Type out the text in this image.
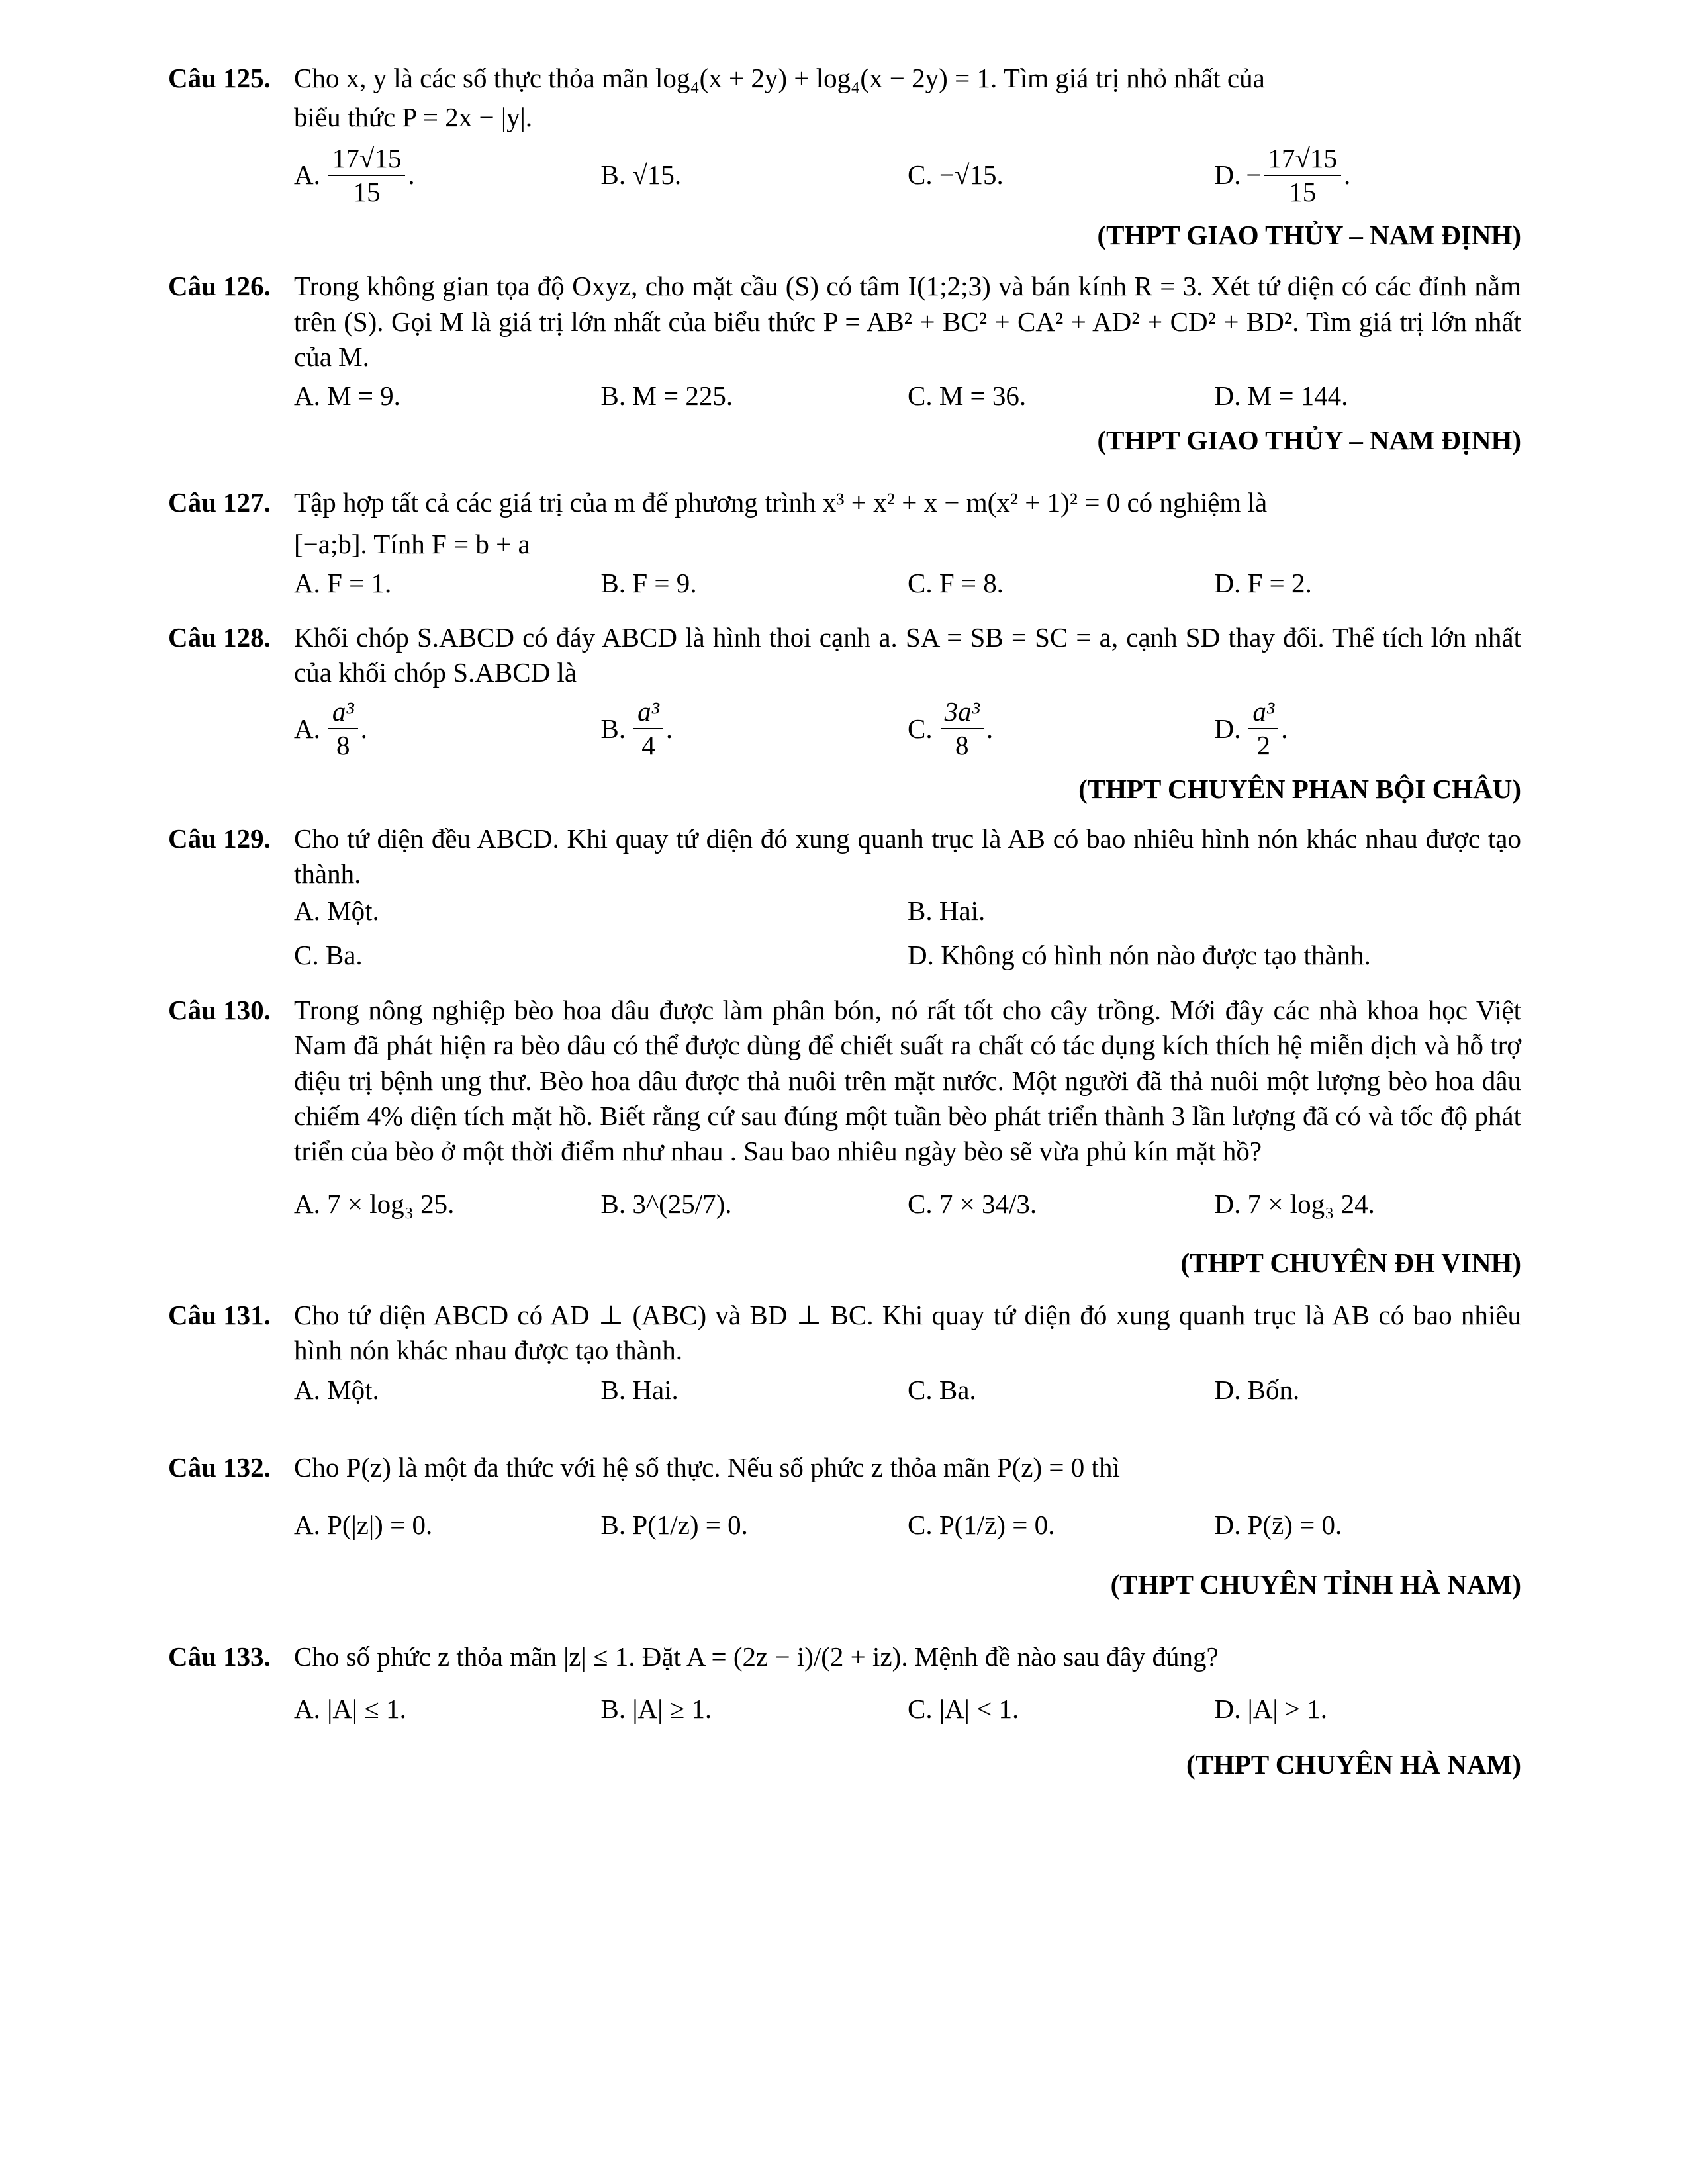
Câu 125. Cho x, y là các số thực thỏa mãn log₄(x + 2y) + log₄(x − 2y) = 1. Tìm giá trị nhỏ nhất của
biểu thức P = 2x − |y|.
A. $\frac{17√15}{15}$ .	B. √15.	C. −√15.	D. − $\frac{17√15}{15}$ .
(THPT GIAO THỦY – NAM ĐỊNH)
Câu 126. Trong không gian tọa độ Oxyz, cho mặt cầu (S) có tâm I(1;2;3) và bán kính R = 3. Xét tứ diện có các đỉnh nằm trên (S). Gọi M là giá trị lớn nhất của biểu thức P = AB² + BC² + CA² + AD² + CD² + BD². Tìm giá trị lớn nhất của M.
A. M = 9.	B. M = 225.	C. M = 36.	D. M = 144.
(THPT GIAO THỦY – NAM ĐỊNH)
Câu 127. Tập hợp tất cả các giá trị của m để phương trình x³ + x² + x − m(x² + 1)² = 0 có nghiệm là
[−a;b]. Tính F = b + a
A. F = 1.	B. F = 9.	C. F = 8.	D. F = 2.
Câu 128. Khối chóp S.ABCD có đáy ABCD là hình thoi cạnh a. SA = SB = SC = a, cạnh SD thay đổi. Thể tích lớn nhất của khối chóp S.ABCD là
A. $\frac{\text{a³}}{8}$ .	B. $\frac{\text{a³}}{4}$ .	C. $\frac{\text{3a³}}{8}$ .	D. $\frac{\text{a³}}{2}$ .
(THPT CHUYÊN PHAN BỘI CHÂU)
Câu 129. Cho tứ diện đều ABCD. Khi quay tứ diện đó xung quanh trục là AB có bao nhiêu hình nón khác nhau được tạo thành.
A. Một.	B. Hai.
C. Ba.	D. Không có hình nón nào được tạo thành.
Câu 130. Trong nông nghiệp bèo hoa dâu được làm phân bón, nó rất tốt cho cây trồng. Mới đây các nhà khoa học Việt Nam đã phát hiện ra bèo dâu có thể được dùng để chiết suất ra chất có tác dụng kích thích hệ miễn dịch và hỗ trợ điệu trị bệnh ung thư. Bèo hoa dâu được thả nuôi trên mặt nước. Một người đã thả nuôi một lượng bèo hoa dâu chiếm 4% diện tích mặt hồ. Biết rằng cứ sau đúng một tuần bèo phát triển thành 3 lần lượng đã có và tốc độ phát triển của bèo ở một thời điểm như nhau . Sau bao nhiêu ngày bèo sẽ vừa phủ kín mặt hồ?
A. 7 × log₃ 25.	B. 3^(25/7).	C. 7 × 34/3.	D. 7 × log₃ 24.
(THPT CHUYÊN ĐH VINH)
Câu 131. Cho tứ diện ABCD có AD ⊥ (ABC) và BD ⊥ BC. Khi quay tứ diện đó xung quanh trục là AB có bao nhiêu hình nón khác nhau được tạo thành.
A. Một.	B. Hai.	C. Ba.	D. Bốn.
Câu 132. Cho P(z) là một đa thức với hệ số thực. Nếu số phức z thỏa mãn P(z) = 0 thì
A. P(|z|) = 0.	B. P(1/z) = 0.	C. P(1/z̄) = 0.	D. P(z̄) = 0.
(THPT CHUYÊN TỈNH HÀ NAM)
Câu 133. Cho số phức z thỏa mãn |z| ≤ 1. Đặt A = (2z − i)/(2 + iz). Mệnh đề nào sau đây đúng?
A. |A| ≤ 1.	B. |A| ≥ 1.	C. |A| < 1.	D. |A| > 1.
(THPT CHUYÊN HÀ NAM)
